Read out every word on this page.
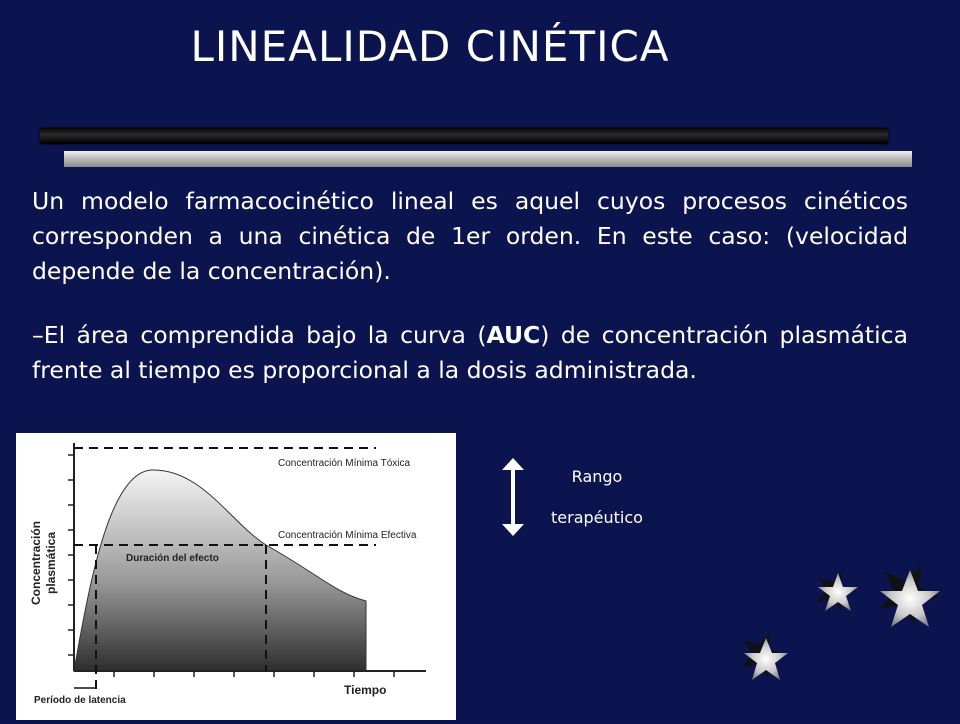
LINEALIDAD CINÉTICA
Un modelo farmacocinético lineal es aquel cuyos procesos cinéticos corresponden a una cinética de 1er orden. En este caso: (velocidad depende de la concentración).
–El área comprendida bajo la curva (AUC) de concentración plasmática frente al tiempo es proporcional a la dosis administrada.
Concentración Mínima Tóxica
Concentración Mínima Efectiva
Duración del efecto
Tiempo
Período de latencia
Concentración plasmática
Rango
terapéutico
